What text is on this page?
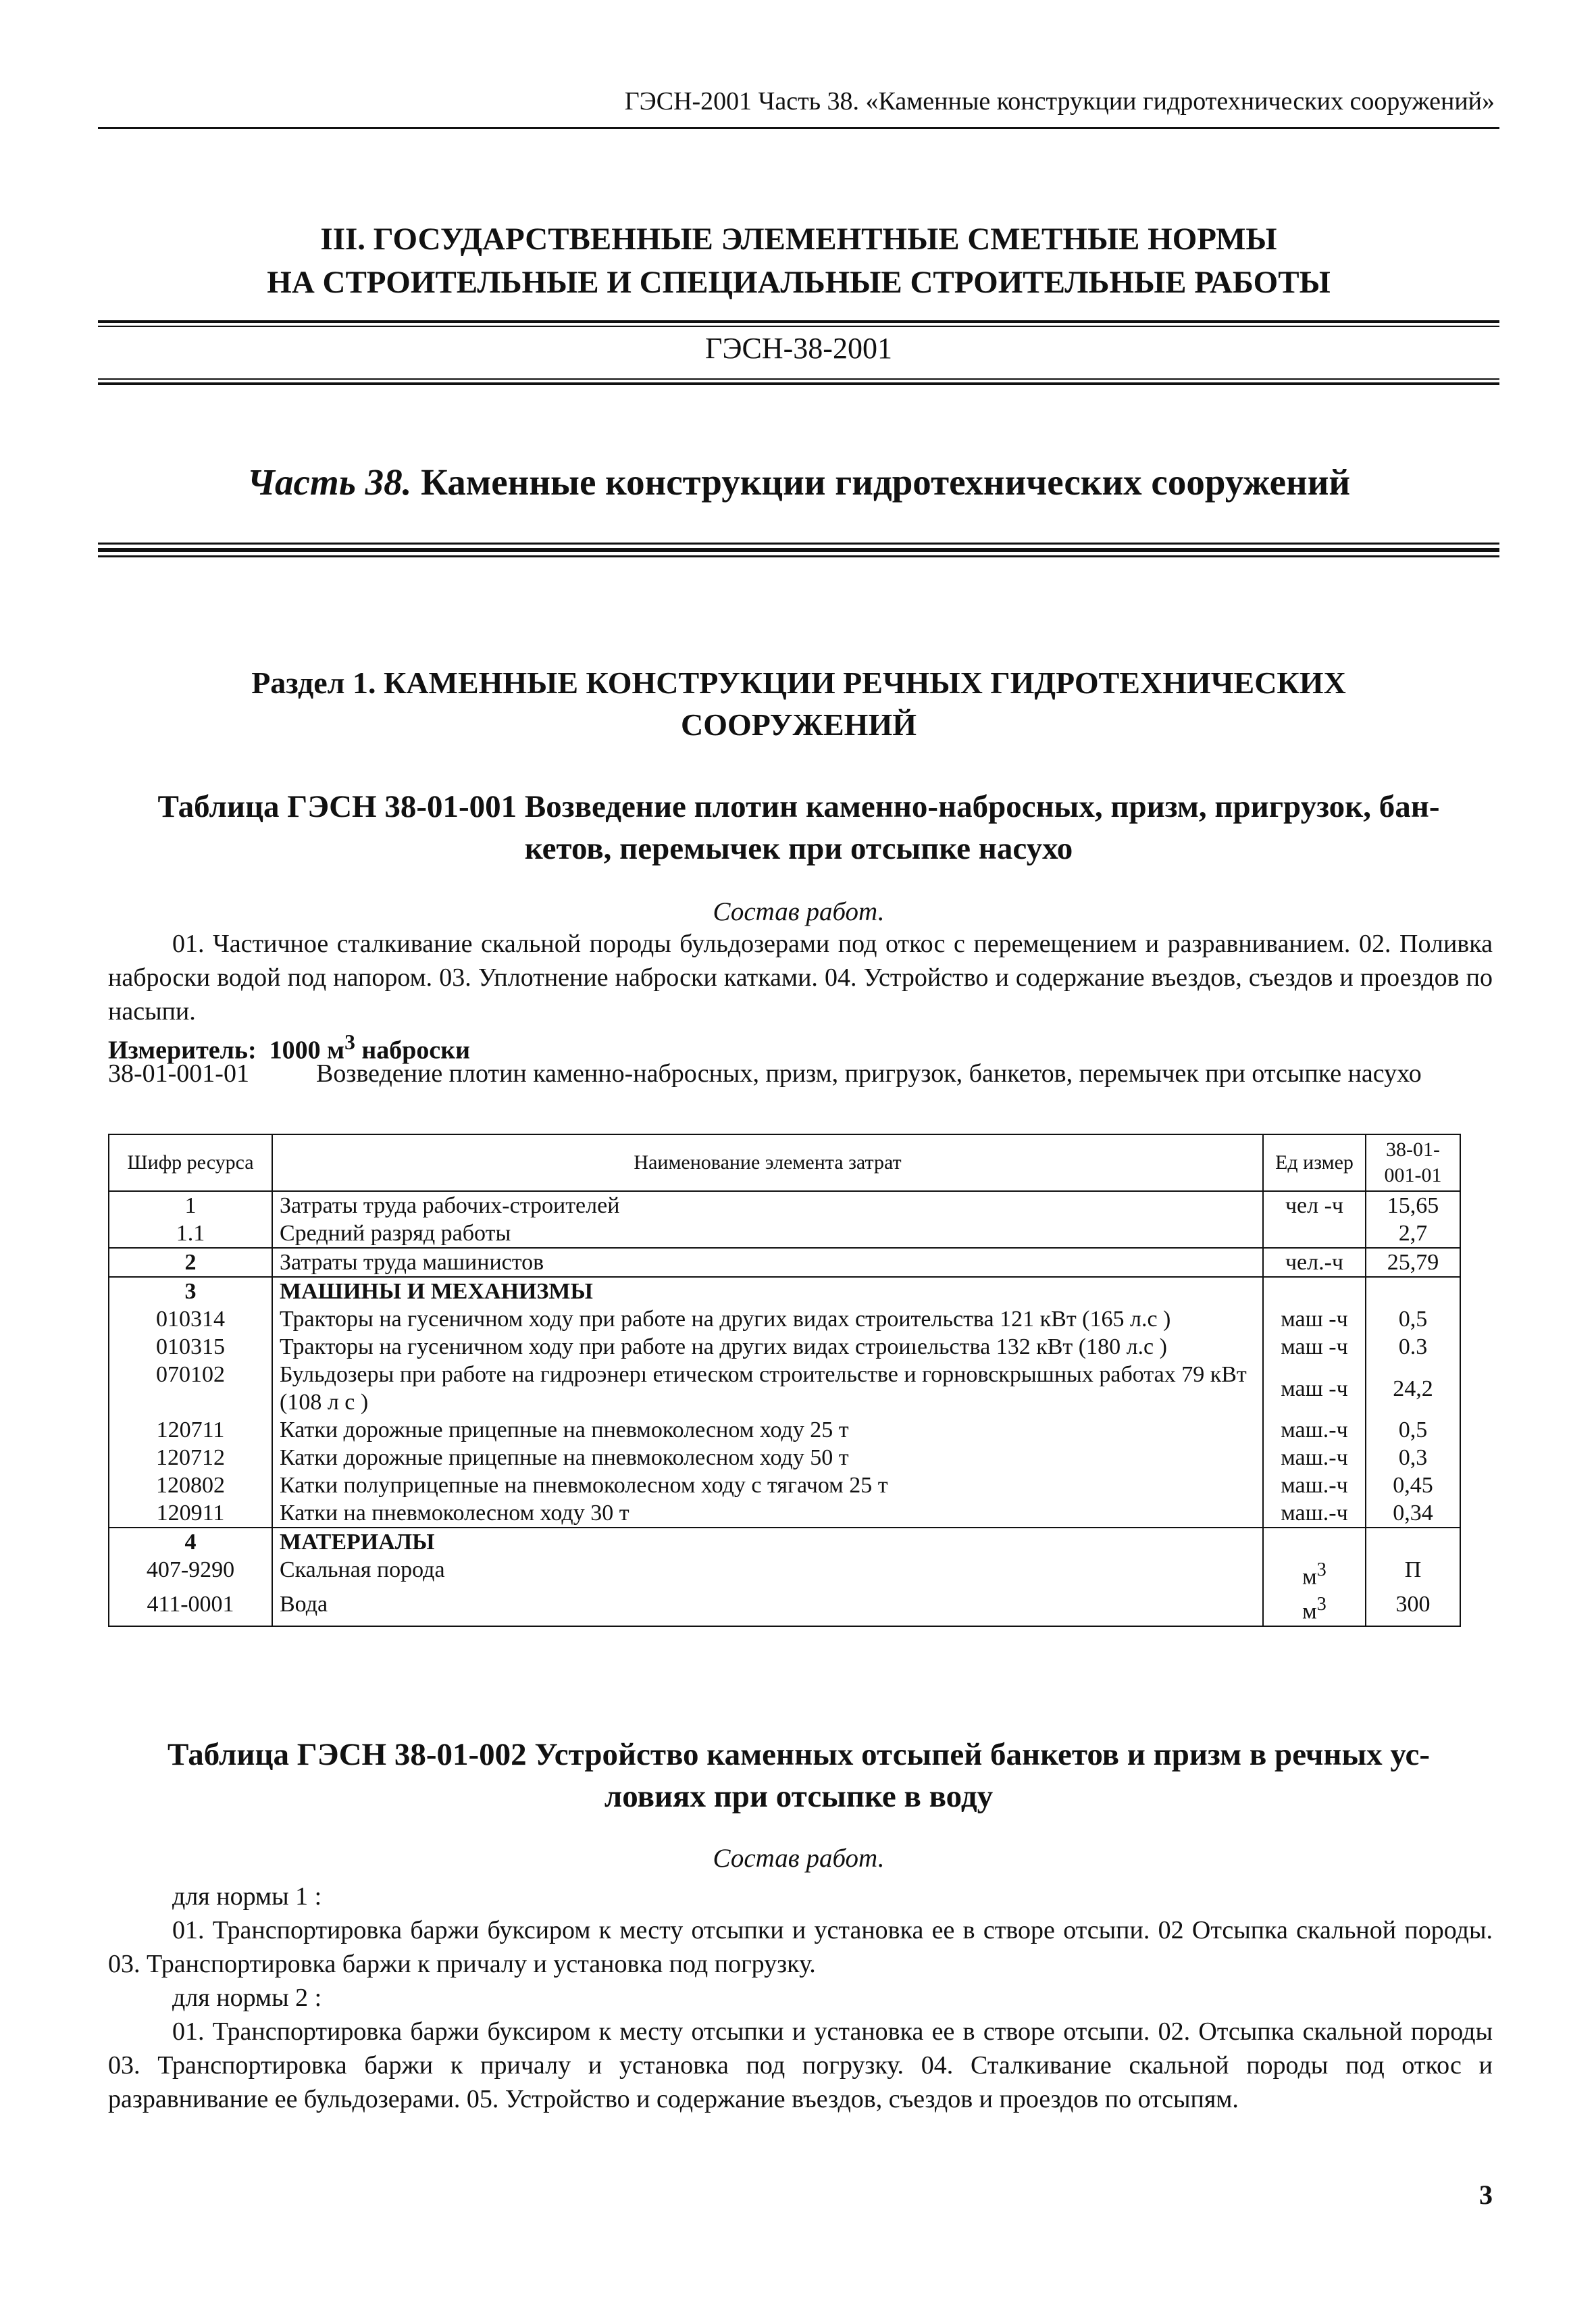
ГЭСН-2001 Часть 38. «Каменные конструкции гидротехнических сооружений»
III. ГОСУДАРСТВЕННЫЕ ЭЛЕМЕНТНЫЕ СМЕТНЫЕ НОРМЫ
НА СТРОИТЕЛЬНЫЕ И СПЕЦИАЛЬНЫЕ СТРОИТЕЛЬНЫЕ РАБОТЫ
ГЭСН-38-2001
Часть 38. Каменные конструкции гидротехнических сооружений
Раздел 1. КАМЕННЫЕ КОНСТРУКЦИИ РЕЧНЫХ ГИДРОТЕХНИЧЕСКИХ
СООРУЖЕНИЙ
Таблица ГЭСН 38-01-001 Возведение плотин каменно-набросных, призм, пригрузок, бан-
кетов, перемычек при отсыпке насухо
Состав работ.
01. Частичное сталкивание скальной породы бульдозерами под откос с перемещением и разравниванием. 02. Поливка наброски водой под напором. 03. Уплотнение наброски катками. 04. Устройство и содержание въездов, съездов и проездов по насыпи.
Измеритель: 1000 $м^3$ наброски
38-01-001-01	Возведение плотин каменно-набросных, призм, пригрузок, банкетов, перемычек при отсыпке насухо
Шифр ресурса	Наименование элемента затрат	Ед измер	38-01-
001-01

1	Затраты труда рабочих-строителей	чел -ч	15,65
1.1	Средний разряд работы		2,7
2	Затраты труда машинистов	чел.-ч	25,79
3	МАШИНЫ И МЕХАНИЗМЫ		
010314	Тракторы на гусеничном ходу при работе на других видах строительства 121 кВт (165 л.с )	маш -ч	0,5
010315	Тракторы на гусеничном ходу при работе на других видах строиıельства 132 кВт (180 л.с )	маш -ч	0.3
070102	Бульдозеры при работе на гидроэнерı етическом строительстве и горновскрышных работах 79 кВт (108 л с )	маш -ч	24,2
120711	Катки дорожные прицепные на пневмоколесном ходу 25 т	маш.-ч	0,5
120712	Катки дорожные прицепные на пневмоколесном ходу 50 т	маш.-ч	0,3
120802	Катки полуприцепные на пневмоколесном ходу с тягачом 25 т	маш.-ч	0,45
120911	Катки на пневмоколесном ходу 30 т	маш.-ч	0,34
4	МАТЕРИАЛЫ		
407-9290	Скальная порода	$м^3$	П
411-0001	Вода	$м^3$	300
Таблица ГЭСН 38-01-002 Устройство каменных отсыпей банкетов и призм в речных ус-
ловиях при отсыпке в воду
Состав работ.
для нормы 1 :
01. Транспортировка баржи буксиром к месту отсыпки и установка ее в створе отсыпи. 02 Отсыпка скальной породы. 03. Транспортировка баржи к причалу и установка под погрузку.
для нормы 2 :
01. Транспортировка баржи буксиром к месту отсыпки и установка ее в створе отсыпи. 02. Отсыпка скальной породы 03. Транспортировка баржи к причалу и установка под погрузку. 04. Сталкивание скальной породы под откос и разравнивание ее бульдозерами. 05. Устройство и содержание въездов, съездов и проездов по отсыпям.
3
